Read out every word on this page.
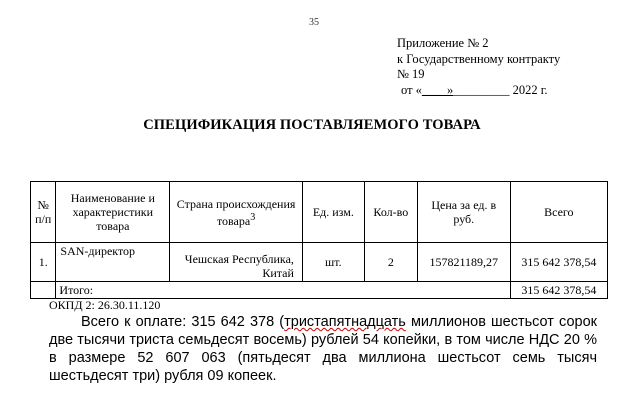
35
Приложение № 2
к Государственному контракту
№ 19
от «____»_________ 2022 г.
СПЕЦИФИКАЦИЯ ПОСТАВЛЯЕМОГО ТОВАРА
№ п/п	Наименование и характеристики товара	Страна происхождения товара$^3$	Ед. изм.	Кол-во	Цена за ед. в руб.	Всего
1.	SAN-директор	Чешская Республика, Китай	шт.	2	157821189,27	315 642 378,54
	Итого:					315 642 378,54
ОКПД 2: 26.30.11.120
Всего к оплате: 315 642 378 (тристапятнадцать миллионов шестьсот сорок две тысячи триста семьдесят восемь) рублей 54 копейки, в том числе НДС 20 % в размере 52 607 063 (пятьдесят два миллиона шестьсот семь тысяч шестьдесят три) рубля 09 копеек.
